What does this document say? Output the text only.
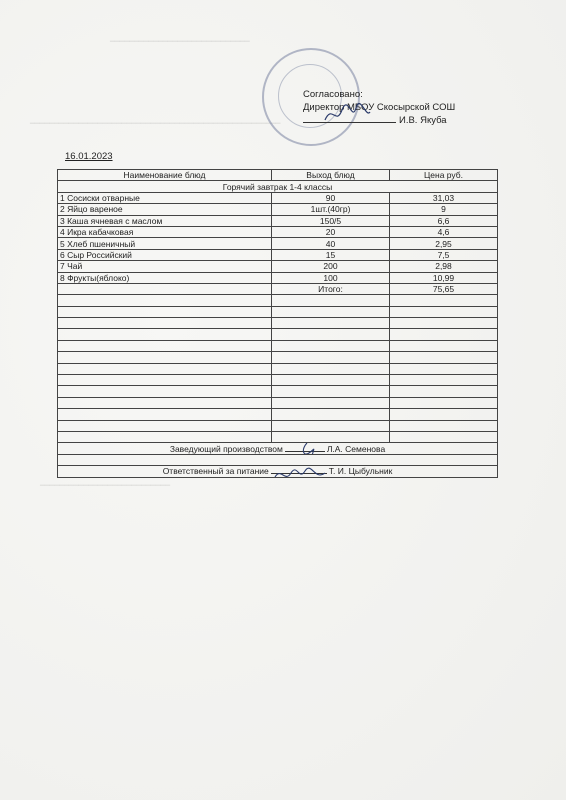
━━━━━━━━━━━━━━━━━━━━━━━━━━━━━
━━━━━━━━━━━━━━━━━━━━━━━━━━━━━━━━━━━━━━━━━━━━━━━━━━━━
━━━━━━━━━━━━━━━━━━━━━━━━━━━
Согласовано:
Директор МБОУ Скосырской СОШ
И.В. Якуба
16.01.2023
Наименование блюд	Выход блюд	Цена руб.
Горячий завтрак 1-4 классы		
1 Сосиски отварные	90	31,03
2 Яйцо вареное	1шт.(40гр)	9
3 Каша ячневая с маслом	150/5	6,6
4 Икра кабачковая	20	4,6
5 Хлеб пшеничный	40	2,95
6 Сыр Российский	15	7,5
7 Чай	200	2,98
8 Фрукты(яблоко)	100	10,99
	Итого:	75,65

Заведующий производством Л.А. Семенова		

Ответственный за питание Т. И. Цыбульник		
